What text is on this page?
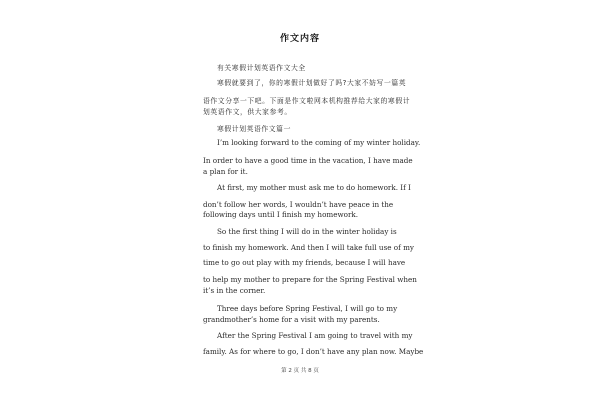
作文内容
有关寒假计划英语作文大全
寒假就要到了，你的寒假计划做好了吗?大家不妨写一篇英
语作文分享一下吧。下面是作文啦网本机构推荐给大家的寒假计
划英语作文，供大家参考。
寒假计划英语作文篇一
I’m looking forward to the coming of my winter holiday.
In order to have a good time in the vacation, I have made
a plan for it.
At first, my mother must ask me to do homework. If I
don’t follow her words, I wouldn’t have peace in the
following days until I finish my homework.
So the first thing I will do in the winter holiday is
to finish my homework. And then I will take full use of my
time to go out play with my friends, because I will have
to help my mother to prepare for the Spring Festival when
it’s in the corner.
Three days before Spring Festival, I will go to my
grandmother’s home for a visit with my parents.
After the Spring Festival I am going to travel with my
family. As for where to go, I don’t have any plan now. Maybe
第 2 页 共 8 页
